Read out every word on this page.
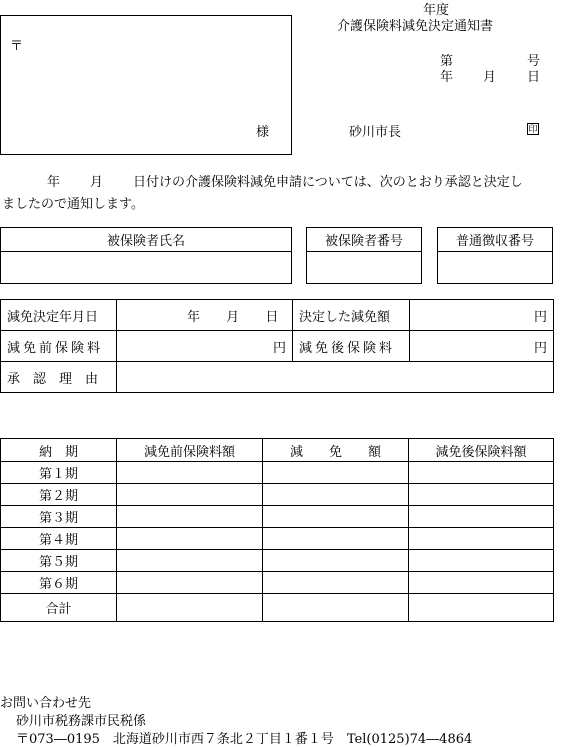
年度
介護保険料減免決定通知書
第	号
年 月 日
砂川市長	印
〒
様
年 月 日付けの介護保険料減免申請については、次のとおり承認と決定し
ましたので通知します。
被保険者氏名	被保険者番号	普通徴収番号

減免決定年月日	年 月 日	決定した減免額	円
減免前保険料	円	減免後保険料	円
承　認　理　由			
納　期	減免前保険料額	減　　免　　額	減免後保険料額
第１期			
第２期			
第３期			
第４期			
第５期			
第６期			
合計			
お問い合わせ先
砂川市税務課市民税係
〒073―0195　北海道砂川市西７条北２丁目１番１号　Tel(0125)74―4864
